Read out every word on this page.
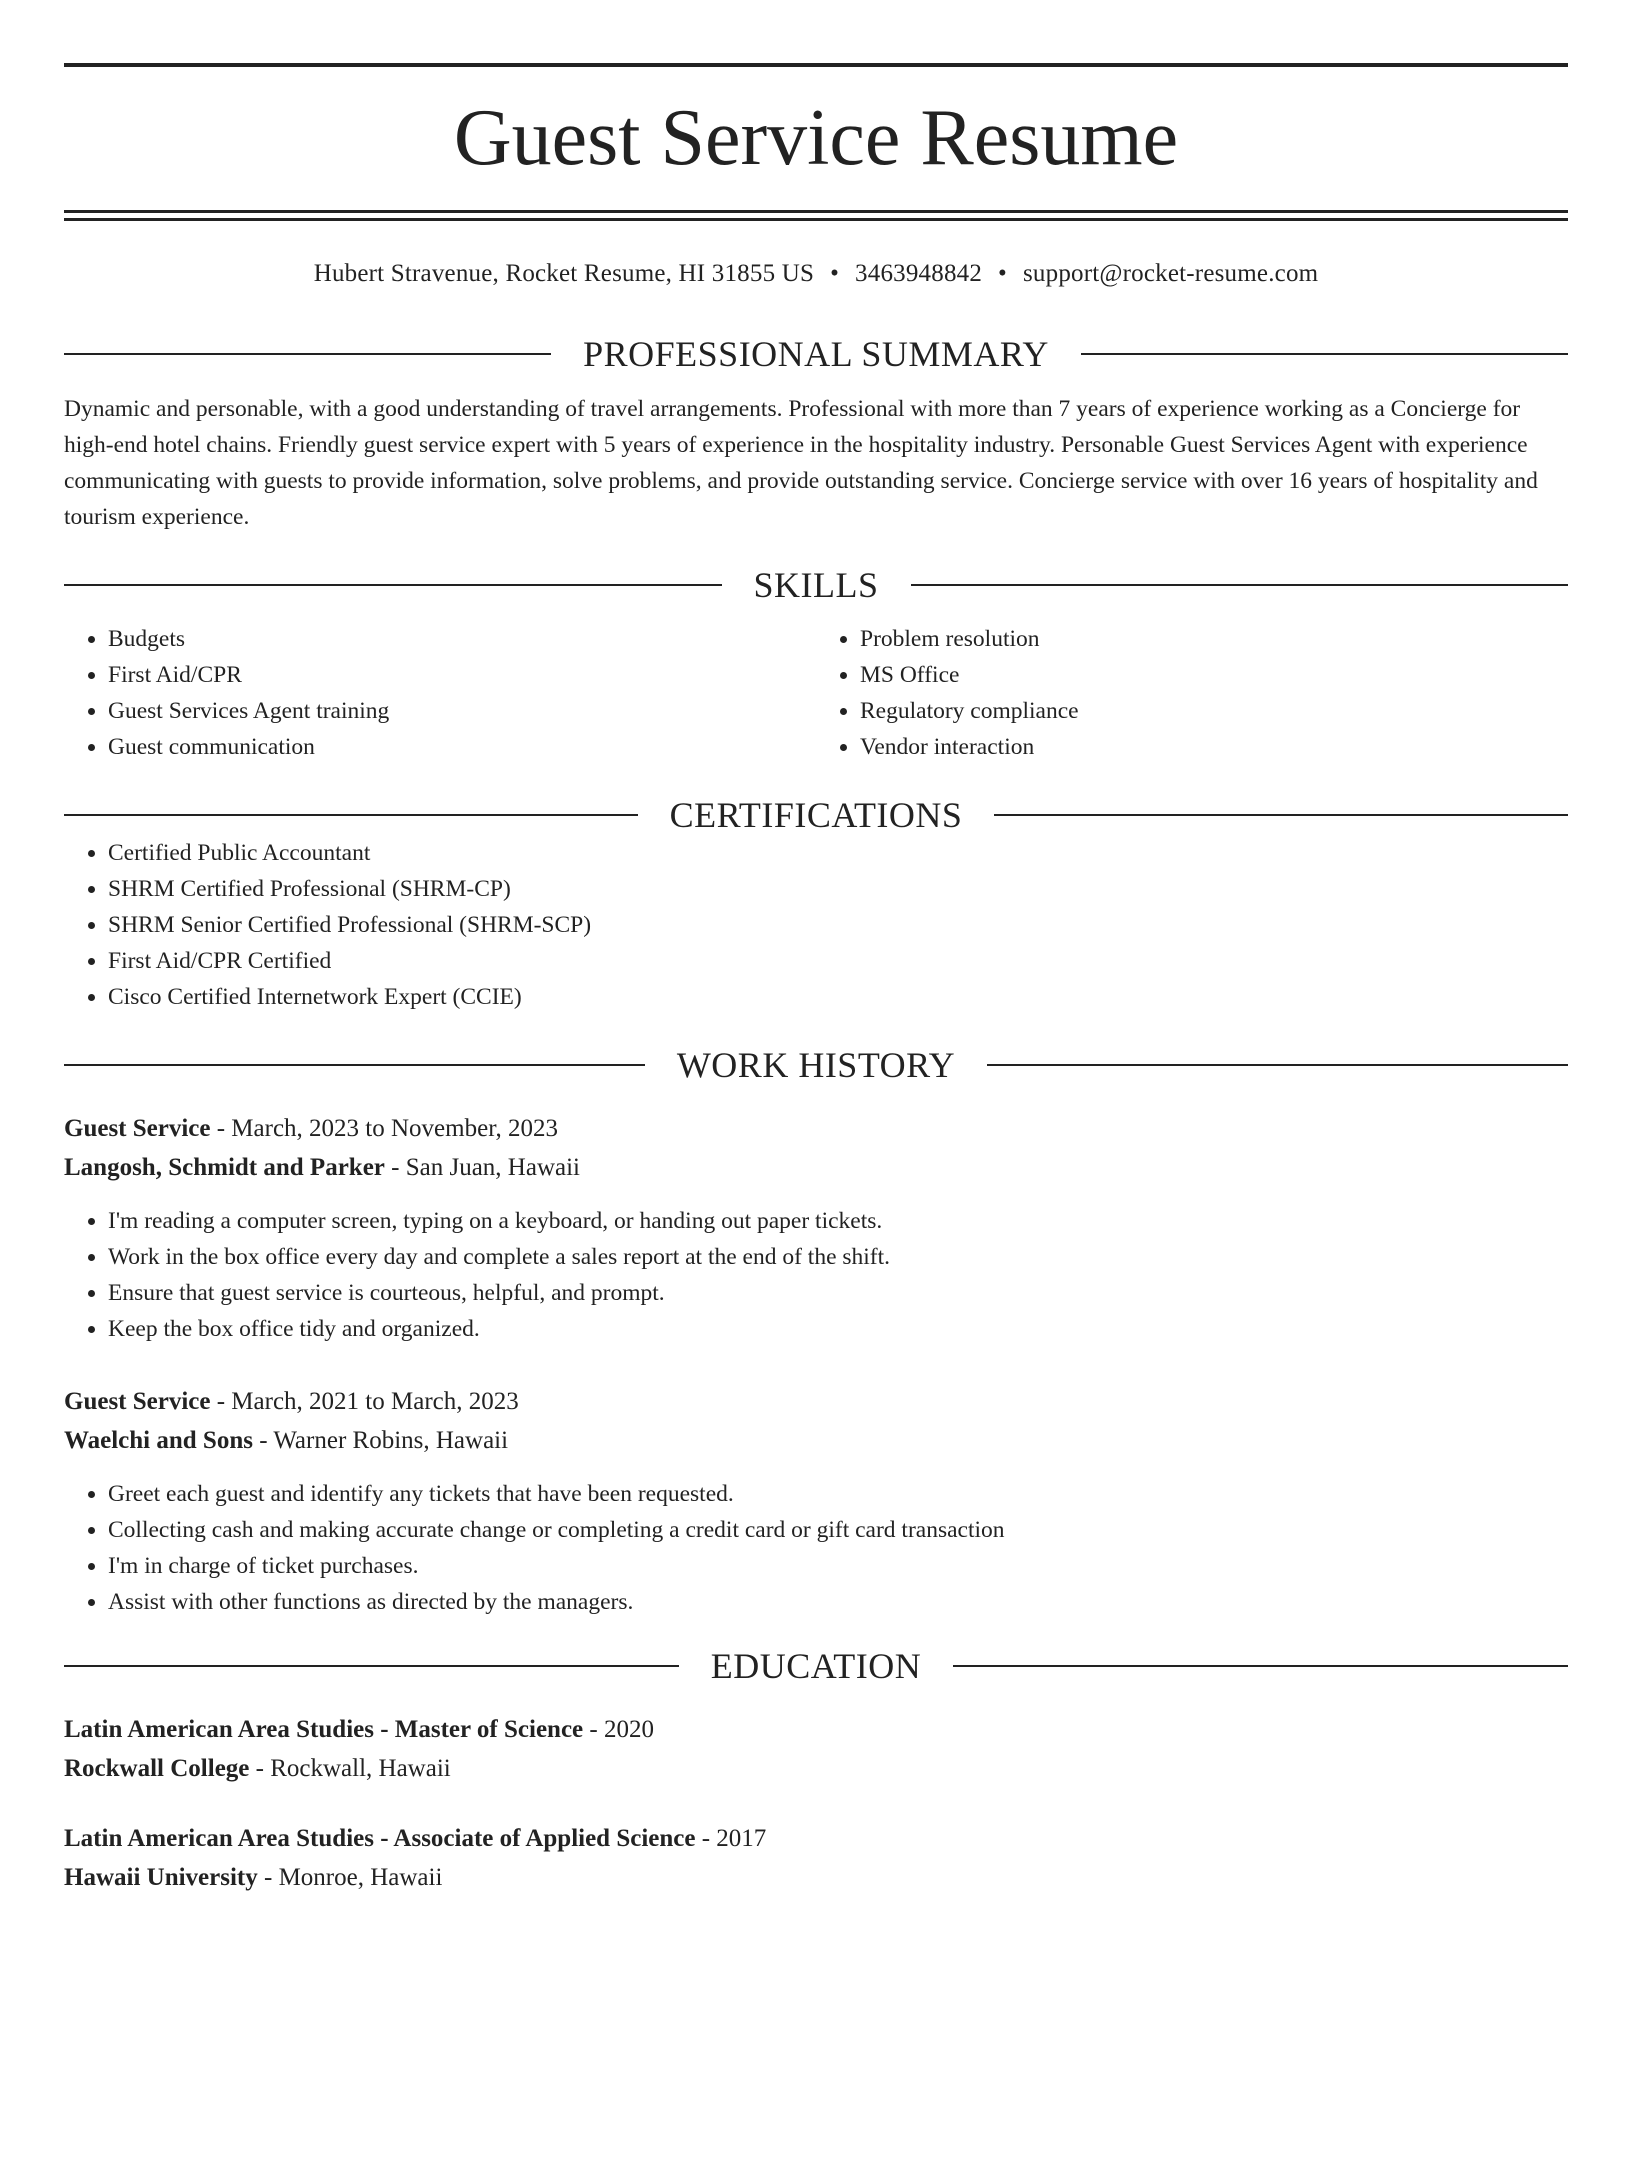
Guest Service Resume
Hubert Stravenue, Rocket Resume, HI 31855 US • 3463948842 • support@rocket-resume.com
PROFESSIONAL SUMMARY

Dynamic and personable, with a good understanding of travel arrangements. Professional with more than 7 years of experience working as a Concierge for high-end hotel chains. Friendly guest service expert with 5 years of experience in the hospitality industry. Personable Guest Services Agent with experience communicating with guests to provide information, solve problems, and provide outstanding service. Concierge service with over 16 years of hospitality and tourism experience.

SKILLS
• Budgets
• First Aid/CPR
• Guest Services Agent training
• Guest communication
• Problem resolution
• MS Office
• Regulatory compliance
• Vendor interaction
CERTIFICATIONS
• Certified Public Accountant
• SHRM Certified Professional (SHRM-CP)
• SHRM Senior Certified Professional (SHRM-SCP)
• First Aid/CPR Certified
• Cisco Certified Internetwork Expert (CCIE)
WORK HISTORY
Guest Service - March, 2023 to November, 2023
Langosh, Schmidt and Parker - San Juan, Hawaii
• I'm reading a computer screen, typing on a keyboard, or handing out paper tickets.
• Work in the box office every day and complete a sales report at the end of the shift.
• Ensure that guest service is courteous, helpful, and prompt.
• Keep the box office tidy and organized.
Guest Service - March, 2021 to March, 2023
Waelchi and Sons - Warner Robins, Hawaii
• Greet each guest and identify any tickets that have been requested.
• Collecting cash and making accurate change or completing a credit card or gift card transaction
• I'm in charge of ticket purchases.
• Assist with other functions as directed by the managers.
EDUCATION
Latin American Area Studies - Master of Science - 2020
Rockwall College - Rockwall, Hawaii
Latin American Area Studies - Associate of Applied Science - 2017
Hawaii University - Monroe, Hawaii
